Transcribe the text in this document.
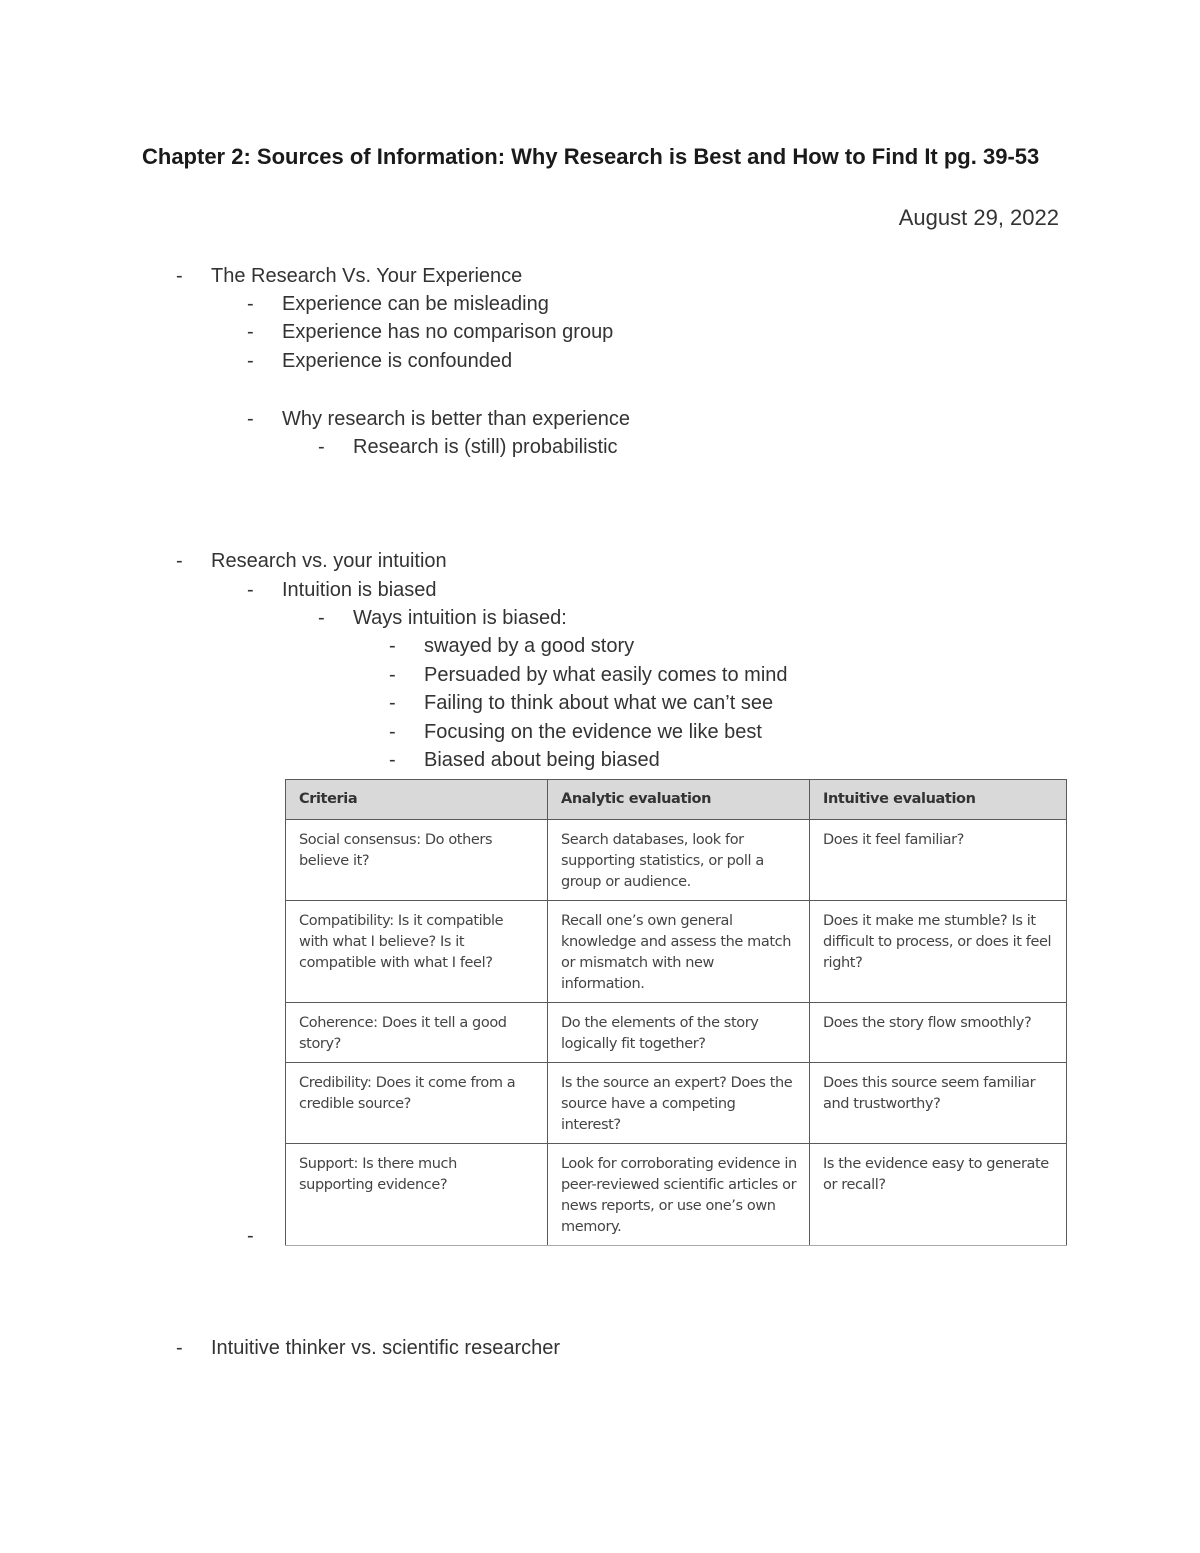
Chapter 2: Sources of Information: Why Research is Best and How to Find It pg. 39-53
August 29, 2022
- The Research Vs. Your Experience
- Experience can be misleading
- Experience has no comparison group
- Experience is confounded
- Why research is better than experience
- Research is (still) probabilistic
- Research vs. your intuition
- Intuition is biased
- Ways intuition is biased:
- swayed by a good story
- Persuaded by what easily comes to mind
- Failing to think about what we can’t see
- Focusing on the evidence we like best
- Biased about being biased
Criteria	Analytic evaluation	Intuitive evaluation
Social consensus: Do others believe it?	Search databases, look for supporting statistics, or poll a group or audience.	Does it feel familiar?
Compatibility: Is it compatible with what I believe? Is it compatible with what I feel?	Recall one’s own general knowledge and assess the match or mismatch with new information.	Does it make me stumble? Is it difficult to process, or does it feel right?
Coherence: Does it tell a good story?	Do the elements of the story logically fit together?	Does the story flow smoothly?
Credibility: Does it come from a credible source?	Is the source an expert? Does the source have a competing interest?	Does this source seem familiar and trustworthy?
Support: Is there much supporting evidence?	Look for corroborating evidence in peer-reviewed scientific articles or news reports, or use one’s own memory.	Is the evidence easy to generate or recall?
-
- Intuitive thinker vs. scientific researcher
